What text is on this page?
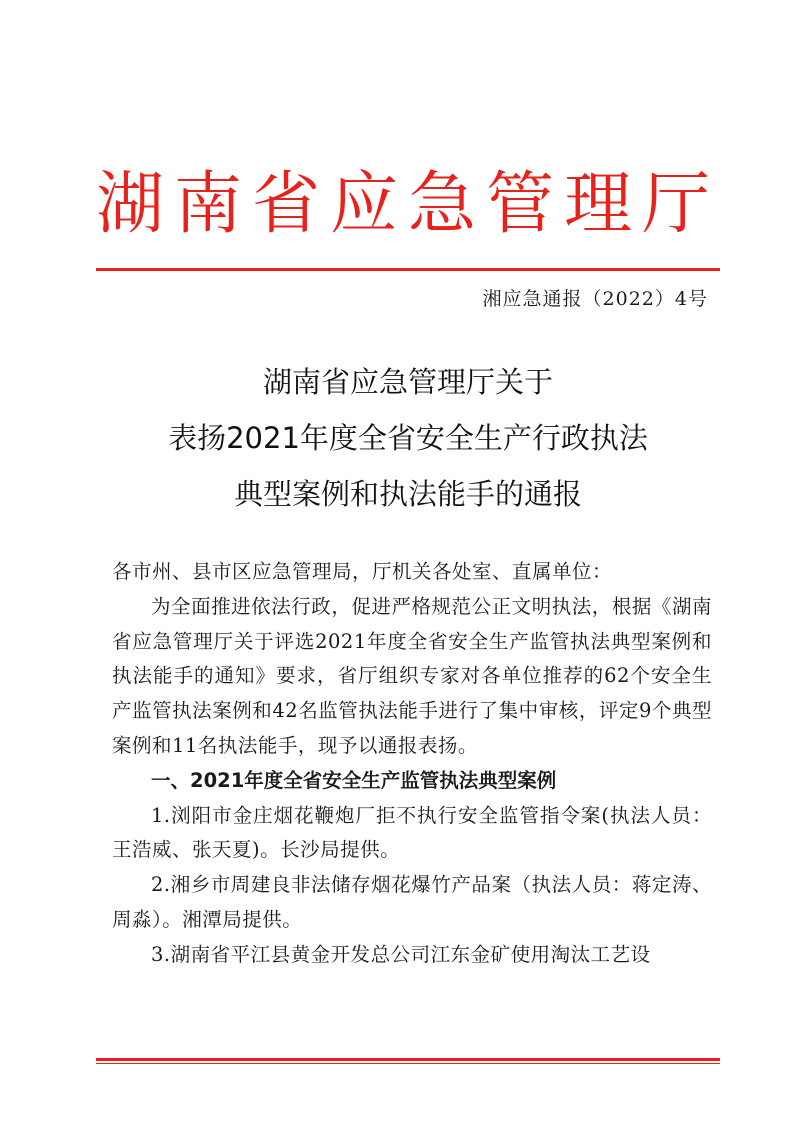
湖南省应急管理厅
湘应急通报（2022）4号
湖南省应急管理厅关于
表扬2021年度全省安全生产行政执法
典型案例和执法能手的通报

各市州、县市区应急管理局，厅机关各处室、直属单位：

为全面推进依法行政，促进严格规范公正文明执法，根据《湖南省应急管理厅关于评选2021年度全省安全生产监管执法典型案例和执法能手的通知》要求，省厅组织专家对各单位推荐的62个安全生产监管执法案例和42名监管执法能手进行了集中审核，评定9个典型案例和11名执法能手，现予以通报表扬。

一、2021年度全省安全生产监管执法典型案例

1.浏阳市金庄烟花鞭炮厂拒不执行安全监管指令案(执法人员：王浩威、张天夏)。长沙局提供。

2.湘乡市周建良非法储存烟花爆竹产品案（执法人员：蒋定涛、周淼）。湘潭局提供。

3.湖南省平江县黄金开发总公司江东金矿使用淘汰工艺设
